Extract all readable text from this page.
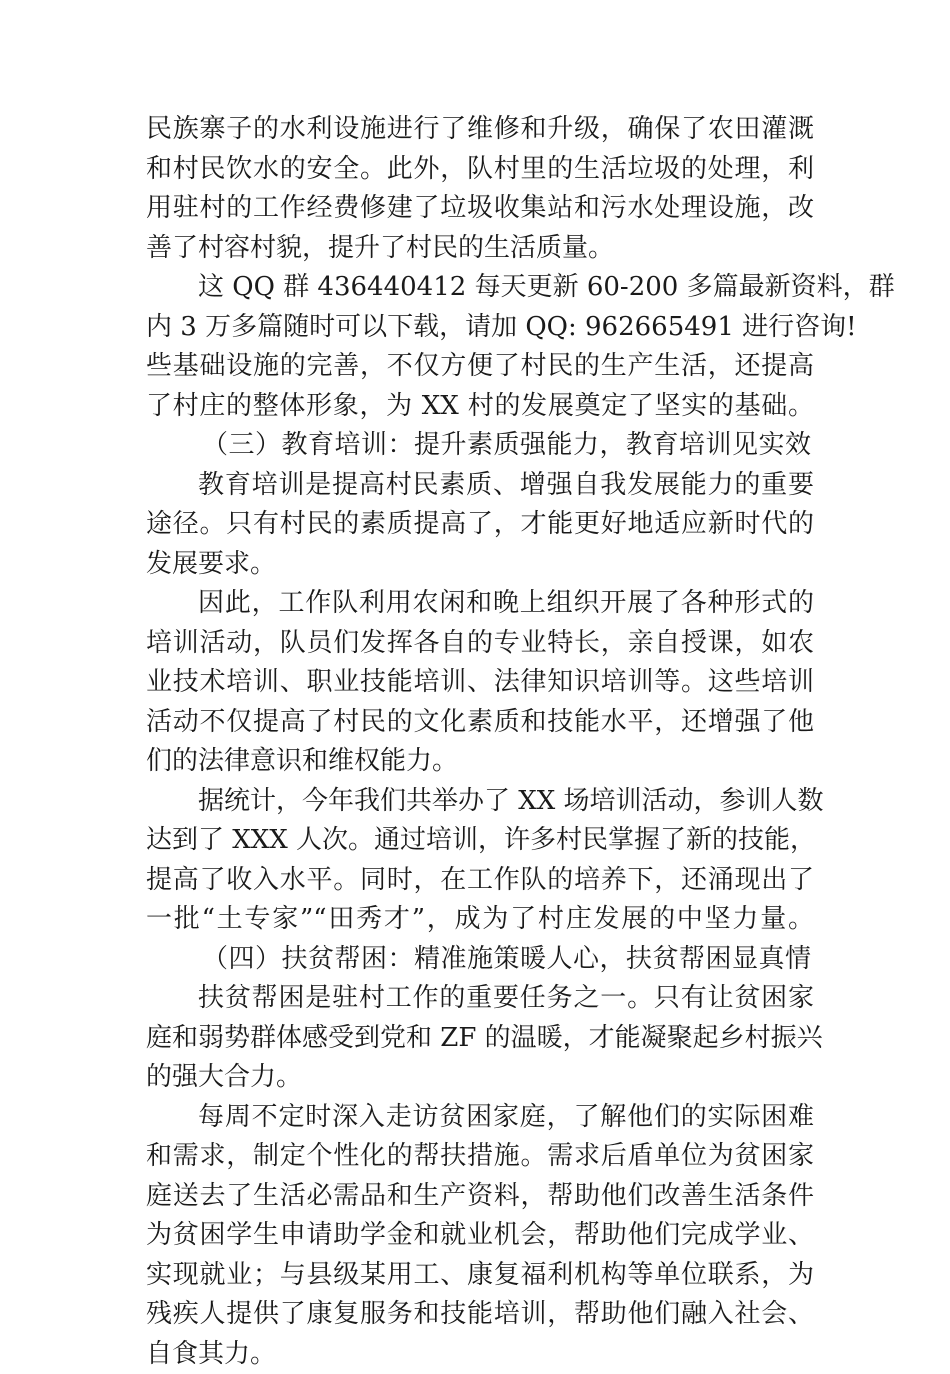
民族寨子的水利设施进行了维修和升级，确保了农田灌溉
和村民饮水的安全。此外，队村里的生活垃圾的处理，利
用驻村的工作经费修建了垃圾收集站和污水处理设施，改
善了村容村貌，提升了村民的生活质量。
这 QQ 群 436440412 每天更新 60-200 多篇最新资料，群
内 3 万多篇随时可以下载，请加 QQ: 962665491 进行咨询!
些基础设施的完善，不仅方便了村民的生产生活，还提高
了村庄的整体形象，为 XX 村的发展奠定了坚实的基础。
（三）教育培训：提升素质强能力，教育培训见实效
教育培训是提高村民素质、增强自我发展能力的重要
途径。只有村民的素质提高了，才能更好地适应新时代的
发展要求。
因此，工作队利用农闲和晚上组织开展了各种形式的
培训活动，队员们发挥各自的专业特长，亲自授课，如农
业技术培训、职业技能培训、法律知识培训等。这些培训
活动不仅提高了村民的文化素质和技能水平，还增强了他
们的法律意识和维权能力。
据统计，今年我们共举办了 XX 场培训活动，参训人数
达到了 XXX 人次。通过培训，许多村民掌握了新的技能，
提高了收入水平。同时，在工作队的培养下，还涌现出了
一批“土专家”“田秀才”，成为了村庄发展的中坚力量。
（四）扶贫帮困：精准施策暖人心，扶贫帮困显真情
扶贫帮困是驻村工作的重要任务之一。只有让贫困家
庭和弱势群体感受到党和 ZF 的温暖，才能凝聚起乡村振兴
的强大合力。
每周不定时深入走访贫困家庭，了解他们的实际困难
和需求，制定个性化的帮扶措施。需求后盾单位为贫困家
庭送去了生活必需品和生产资料，帮助他们改善生活条件
为贫困学生申请助学金和就业机会，帮助他们完成学业、
实现就业；与县级某用工、康复福利机构等单位联系，为
残疾人提供了康复服务和技能培训，帮助他们融入社会、
自食其力。
